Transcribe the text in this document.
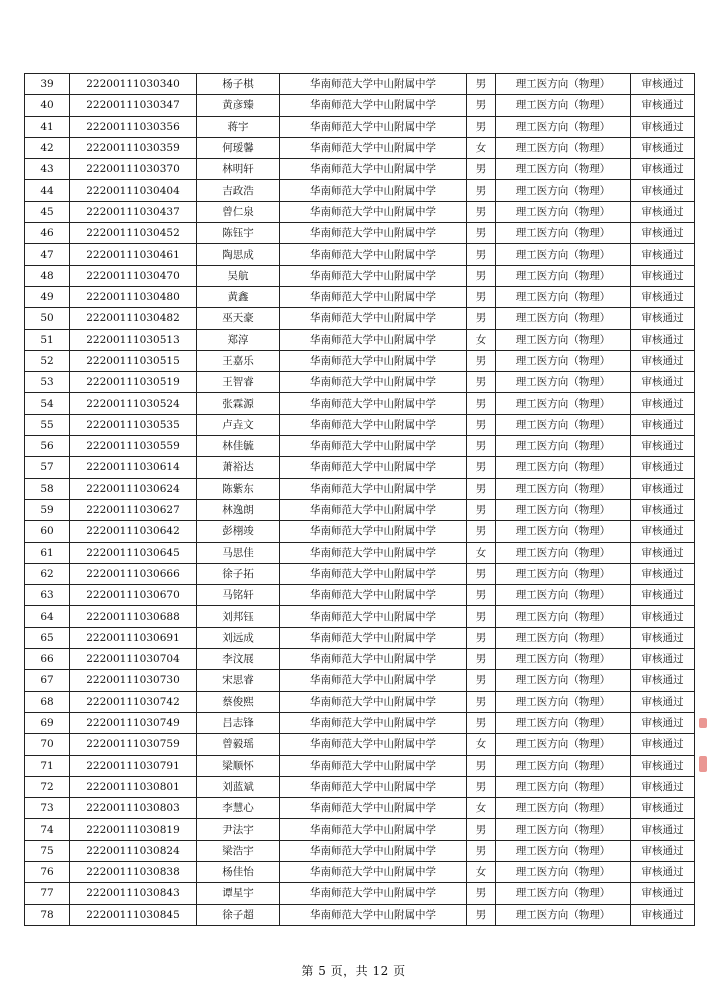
39	22200111030340	杨子棋	华南师范大学中山附属中学	男	理工医方向（物理）	审核通过
40	22200111030347	黄彦臻	华南师范大学中山附属中学	男	理工医方向（物理）	审核通过
41	22200111030356	蒋宇	华南师范大学中山附属中学	男	理工医方向（物理）	审核通过
42	22200111030359	何瑷馨	华南师范大学中山附属中学	女	理工医方向（物理）	审核通过
43	22200111030370	林明轩	华南师范大学中山附属中学	男	理工医方向（物理）	审核通过
44	22200111030404	吉政浩	华南师范大学中山附属中学	男	理工医方向（物理）	审核通过
45	22200111030437	曾仁泉	华南师范大学中山附属中学	男	理工医方向（物理）	审核通过
46	22200111030452	陈钰宇	华南师范大学中山附属中学	男	理工医方向（物理）	审核通过
47	22200111030461	陶思成	华南师范大学中山附属中学	男	理工医方向（物理）	审核通过
48	22200111030470	吴航	华南师范大学中山附属中学	男	理工医方向（物理）	审核通过
49	22200111030480	黄鑫	华南师范大学中山附属中学	男	理工医方向（物理）	审核通过
50	22200111030482	巫天豪	华南师范大学中山附属中学	男	理工医方向（物理）	审核通过
51	22200111030513	郑淳	华南师范大学中山附属中学	女	理工医方向（物理）	审核通过
52	22200111030515	王嘉乐	华南师范大学中山附属中学	男	理工医方向（物理）	审核通过
53	22200111030519	王智睿	华南师范大学中山附属中学	男	理工医方向（物理）	审核通过
54	22200111030524	张霖源	华南师范大学中山附属中学	男	理工医方向（物理）	审核通过
55	22200111030535	卢垚文	华南师范大学中山附属中学	男	理工医方向（物理）	审核通过
56	22200111030559	林佳毓	华南师范大学中山附属中学	男	理工医方向（物理）	审核通过
57	22200111030614	萧裕达	华南师范大学中山附属中学	男	理工医方向（物理）	审核通过
58	22200111030624	陈紫东	华南师范大学中山附属中学	男	理工医方向（物理）	审核通过
59	22200111030627	林逸朗	华南师范大学中山附属中学	男	理工医方向（物理）	审核通过
60	22200111030642	彭栩竣	华南师范大学中山附属中学	男	理工医方向（物理）	审核通过
61	22200111030645	马思佳	华南师范大学中山附属中学	女	理工医方向（物理）	审核通过
62	22200111030666	徐子拓	华南师范大学中山附属中学	男	理工医方向（物理）	审核通过
63	22200111030670	马铭轩	华南师范大学中山附属中学	男	理工医方向（物理）	审核通过
64	22200111030688	刘邦钰	华南师范大学中山附属中学	男	理工医方向（物理）	审核通过
65	22200111030691	刘远成	华南师范大学中山附属中学	男	理工医方向（物理）	审核通过
66	22200111030704	李汶展	华南师范大学中山附属中学	男	理工医方向（物理）	审核通过
67	22200111030730	宋思睿	华南师范大学中山附属中学	男	理工医方向（物理）	审核通过
68	22200111030742	蔡俊熙	华南师范大学中山附属中学	男	理工医方向（物理）	审核通过
69	22200111030749	吕志锋	华南师范大学中山附属中学	男	理工医方向（物理）	审核通过
70	22200111030759	曾毅瑶	华南师范大学中山附属中学	女	理工医方向（物理）	审核通过
71	22200111030791	梁顺怀	华南师范大学中山附属中学	男	理工医方向（物理）	审核通过
72	22200111030801	刘蓝斌	华南师范大学中山附属中学	男	理工医方向（物理）	审核通过
73	22200111030803	李慧心	华南师范大学中山附属中学	女	理工医方向（物理）	审核通过
74	22200111030819	尹法宇	华南师范大学中山附属中学	男	理工医方向（物理）	审核通过
75	22200111030824	梁浩宇	华南师范大学中山附属中学	男	理工医方向（物理）	审核通过
76	22200111030838	杨佳怡	华南师范大学中山附属中学	女	理工医方向（物理）	审核通过
77	22200111030843	谭星宇	华南师范大学中山附属中学	男	理工医方向（物理）	审核通过
78	22200111030845	徐子超	华南师范大学中山附属中学	男	理工医方向（物理）	审核通过
第 5 页，共 12 页
